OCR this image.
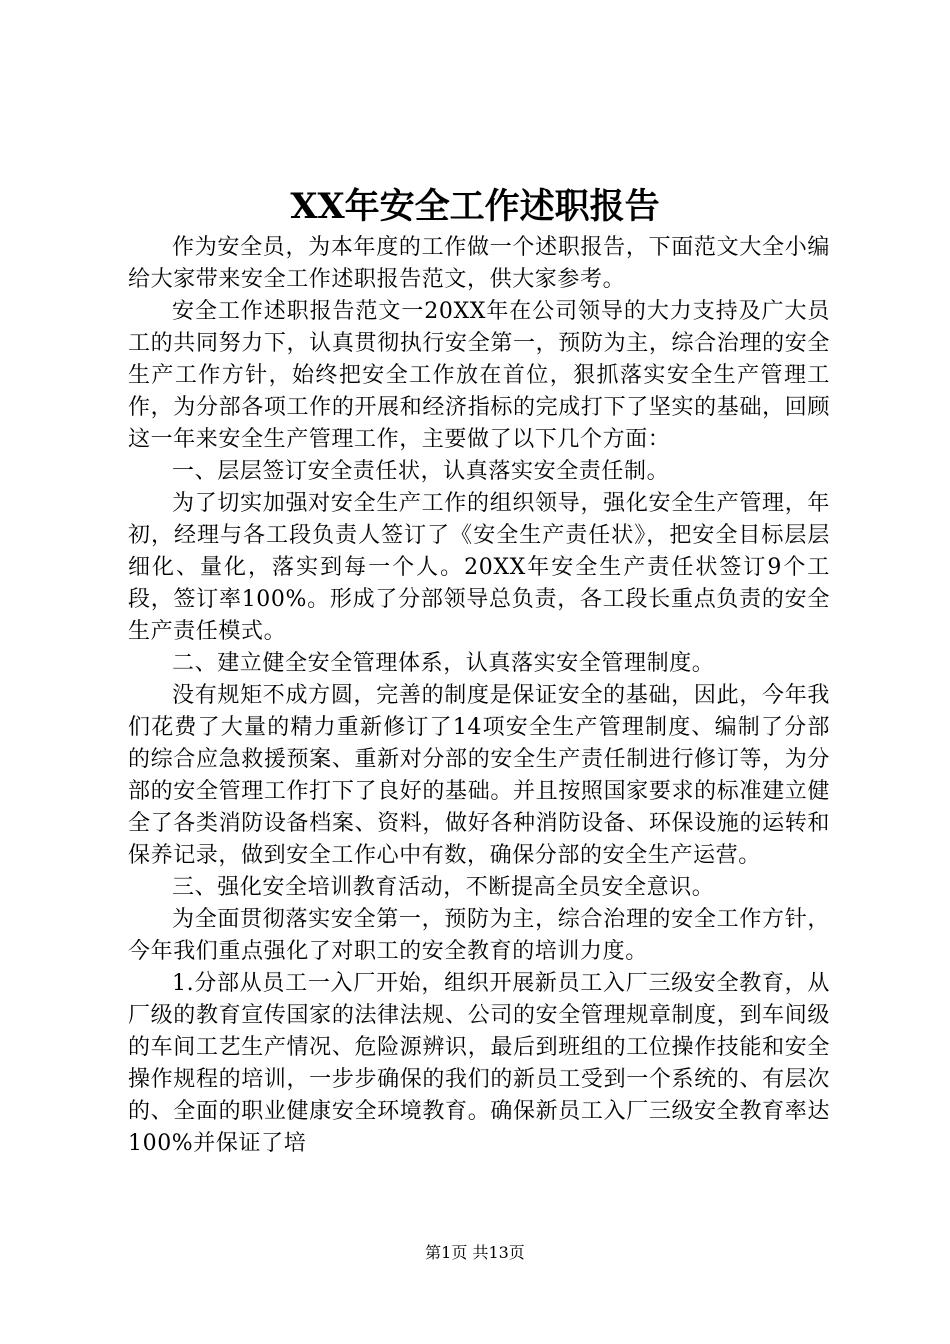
XX年安全工作述职报告

作为安全员，为本年度的工作做一个述职报告，下面范文大全小编给大家带来安全工作述职报告范文，供大家参考。

安全工作述职报告范文一20XX年在公司领导的大力支持及广大员工的共同努力下，认真贯彻执行安全第一，预防为主，综合治理的安全生产工作方针，始终把安全工作放在首位，狠抓落实安全生产管理工作，为分部各项工作的开展和经济指标的完成打下了坚实的基础，回顾这一年来安全生产管理工作，主要做了以下几个方面：

一、层层签订安全责任状，认真落实安全责任制。

为了切实加强对安全生产工作的组织领导，强化安全生产管理，年初，经理与各工段负责人签订了《安全生产责任状》，把安全目标层层细化、量化，落实到每一个人。20XX年安全生产责任状签订9个工段，签订率100%。形成了分部领导总负责，各工段长重点负责的安全生产责任模式。

二、建立健全安全管理体系，认真落实安全管理制度。

没有规矩不成方圆，完善的制度是保证安全的基础，因此，今年我们花费了大量的精力重新修订了14项安全生产管理制度、编制了分部的综合应急救援预案、重新对分部的安全生产责任制进行修订等，为分部的安全管理工作打下了良好的基础。并且按照国家要求的标准建立健全了各类消防设备档案、资料，做好各种消防设备、环保设施的运转和保养记录，做到安全工作心中有数，确保分部的安全生产运营。

三、强化安全培训教育活动，不断提高全员安全意识。

为全面贯彻落实安全第一，预防为主，综合治理的安全工作方针，今年我们重点强化了对职工的安全教育的培训力度。

1.分部从员工一入厂开始，组织开展新员工入厂三级安全教育，从厂级的教育宣传国家的法律法规、公司的安全管理规章制度，到车间级的车间工艺生产情况、危险源辨识，最后到班组的工位操作技能和安全操作规程的培训，一步步确保的我们的新员工受到一个系统的、有层次的、全面的职业健康安全环境教育。确保新员工入厂三级安全教育率达100%并保证了培

第1页 共13页
